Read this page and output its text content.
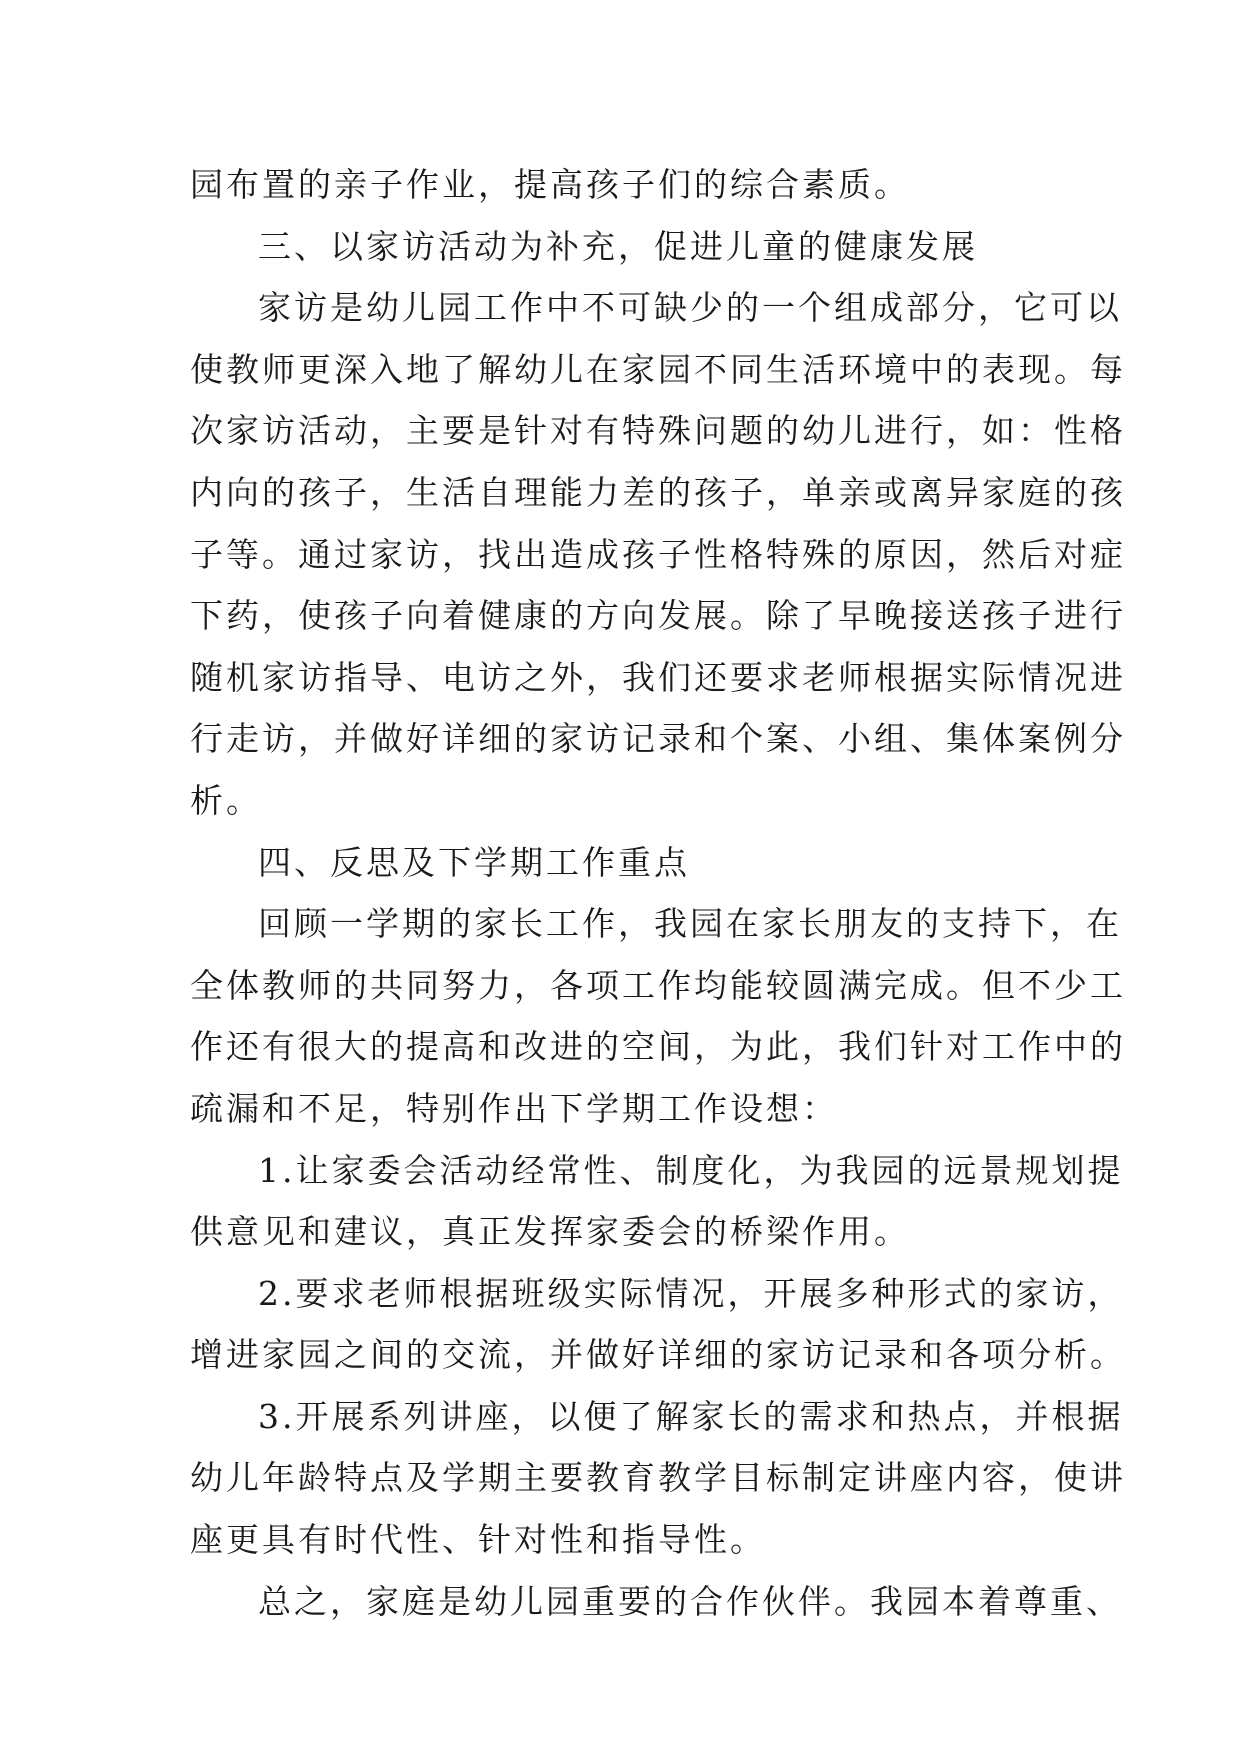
园布置的亲子作业，提高孩子们的综合素质。
三、以家访活动为补充，促进儿童的健康发展
家访是幼儿园工作中不可缺少的一个组成部分，它可以
使教师更深入地了解幼儿在家园不同生活环境中的表现。每
次家访活动，主要是针对有特殊问题的幼儿进行，如：性格
内向的孩子，生活自理能力差的孩子，单亲或离异家庭的孩
子等。通过家访，找出造成孩子性格特殊的原因，然后对症
下药，使孩子向着健康的方向发展。除了早晚接送孩子进行
随机家访指导、电访之外，我们还要求老师根据实际情况进
行走访，并做好详细的家访记录和个案、小组、集体案例分
析。
四、反思及下学期工作重点
回顾一学期的家长工作，我园在家长朋友的支持下，在
全体教师的共同努力，各项工作均能较圆满完成。但不少工
作还有很大的提高和改进的空间，为此，我们针对工作中的
疏漏和不足，特别作出下学期工作设想：
1.让家委会活动经常性、制度化，为我园的远景规划提
供意见和建议，真正发挥家委会的桥梁作用。
2.要求老师根据班级实际情况，开展多种形式的家访，
增进家园之间的交流，并做好详细的家访记录和各项分析。
3.开展系列讲座，以便了解家长的需求和热点，并根据
幼儿年龄特点及学期主要教育教学目标制定讲座内容，使讲
座更具有时代性、针对性和指导性。
总之，家庭是幼儿园重要的合作伙伴。我园本着尊重、
